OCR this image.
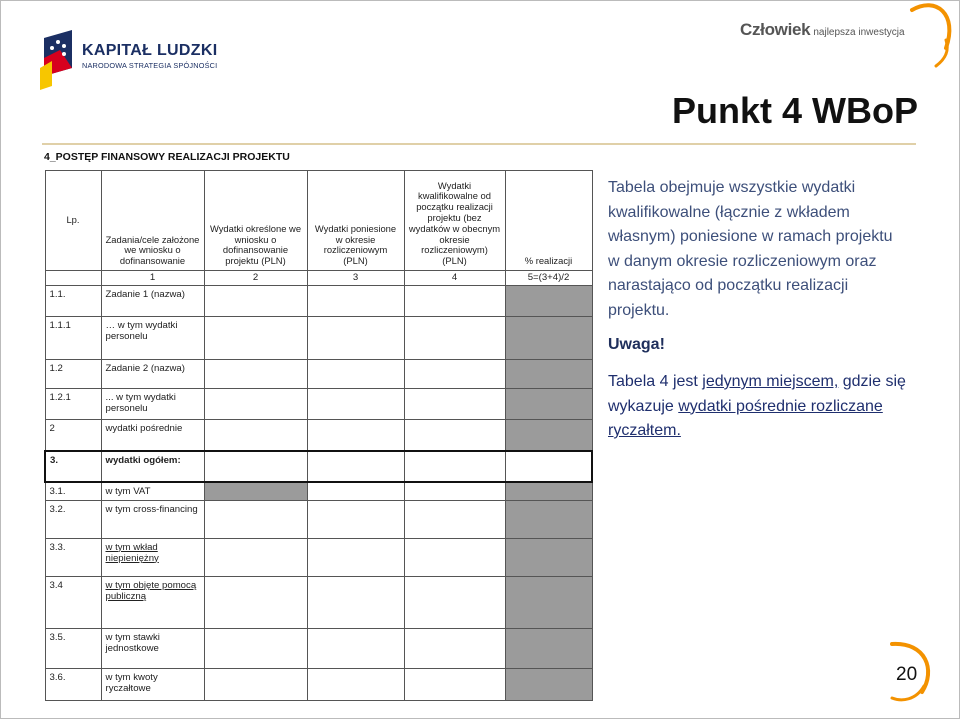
KAPITAŁ LUDZKI
NARODOWA STRATEGIA SPÓJNOŚCI
Człowiek najlepsza inwestycja
Punkt 4 WBoP
4_POSTĘP FINANSOWY REALIZACJI PROJEKTU
Lp.	Zadania/cele założone we wniosku o dofinansowanie	Wydatki określone we wniosku o dofinansowanie projektu (PLN)	Wydatki poniesione w okresie rozliczeniowym (PLN)	Wydatki kwalifikowalne od początku realizacji projektu (bez wydatków w obecnym okresie rozliczeniowym) (PLN)	% realizacji
	1	2	3	4	5=(3+4)/2
1.1.	Zadanie 1 (nazwa)				
1.1.1	… w tym wydatki personelu				
1.2	Zadanie 2 (nazwa)				
1.2.1	... w tym wydatki personelu				
2	wydatki pośrednie				
3.	wydatki ogółem:				
3.1.	w tym VAT				
3.2.	w tym cross-financing				
3.3.	w tym wkład niepieniężny				
3.4	w tym objęte pomocą publiczną				
3.5.	w tym stawki jednostkowe				
3.6.	w tym kwoty ryczałtowe				
Tabela obejmuje wszystkie wydatki kwalifikowalne (łącznie z wkładem własnym) poniesione w ramach projektu w danym okresie rozliczeniowym oraz narastająco od początku realizacji projektu.
Uwaga!
Tabela 4 jest jedynym miejscem, gdzie się wykazuje wydatki pośrednie rozliczane ryczałtem.
20
